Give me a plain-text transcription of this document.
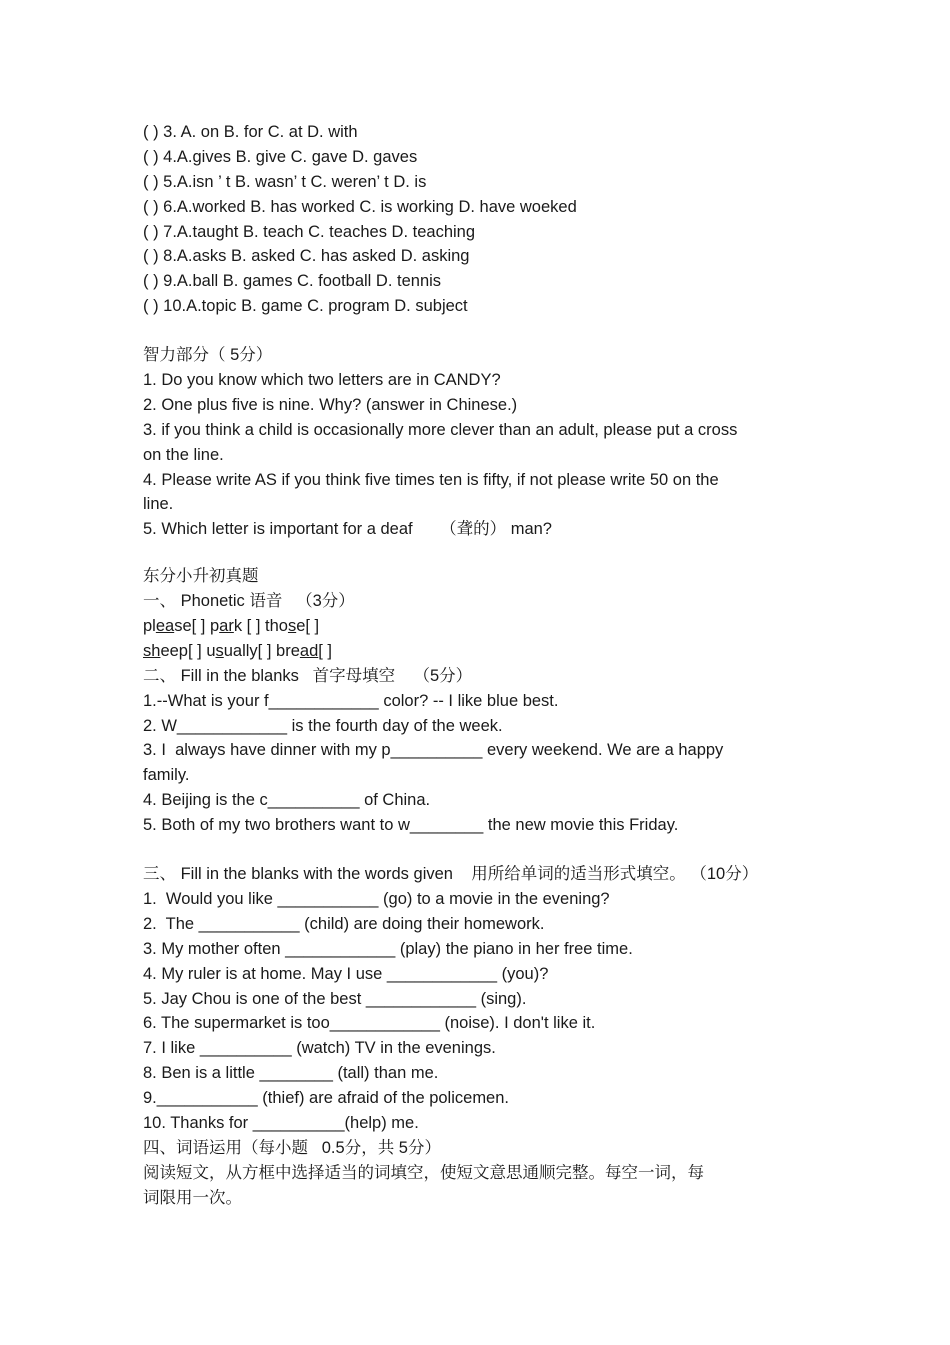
( ) 3. A. on B. for C. at D. with
( ) 4.A.gives B. give C. gave D. gaves
( ) 5.A.isn ’ t B. wasn’ t C. weren’ t D. is
( ) 6.A.worked B. has worked C. is working D. have woeked
( ) 7.A.taught B. teach C. teaches D. teaching
( ) 8.A.asks B. asked C. has asked D. asking
( ) 9.A.ball B. games C. football D. tennis
( ) 10.A.topic B. game C. program D. subject
智力部分（ 5分）
1. Do you know which two letters are in CANDY?
2. One plus five is nine. Why? (answer in Chinese.)
3. if you think a child is occasionally more clever than an adult, please put a cross
on the line.
4. Please write AS if you think five times ten is fifty, if not please write 50 on the
line.
5. Which letter is important for a deaf      （聋的） man?
东分小升初真题
一、 Phonetic 语音   （3分）
please[ ] park [ ] those[ ]
sheep[ ] usually[ ] bread[ ]
二、 Fill in the blanks   首字母填空    （5分）
1.--What is your f____________ color? -- I like blue best.
2. W____________ is the fourth day of the week.
3. I  always have dinner with my p__________ every weekend. We are a happy
family.
4. Beijing is the c__________ of China.
5. Both of my two brothers want to w________ the new movie this Friday.
三、 Fill in the blanks with the words given    用所给单词的适当形式填空。 （10分）
1.  Would you like ___________ (go) to a movie in the evening?
2.  The ___________ (child) are doing their homework.
3. My mother often ____________ (play) the piano in her free time.
4. My ruler is at home. May I use ____________ (you)?
5. Jay Chou is one of the best ____________ (sing).
6. The supermarket is too____________ (noise). I don't like it.
7. I like __________ (watch) TV in the evenings.
8. Ben is a little ________ (tall) than me.
9.___________ (thief) are afraid of the policemen.
10. Thanks for __________(help) me.
四、词语运用（每小题   0.5分，共 5分）
阅读短文，从方框中选择适当的词填空，使短文意思通顺完整。每空一词，每
词限用一次。
